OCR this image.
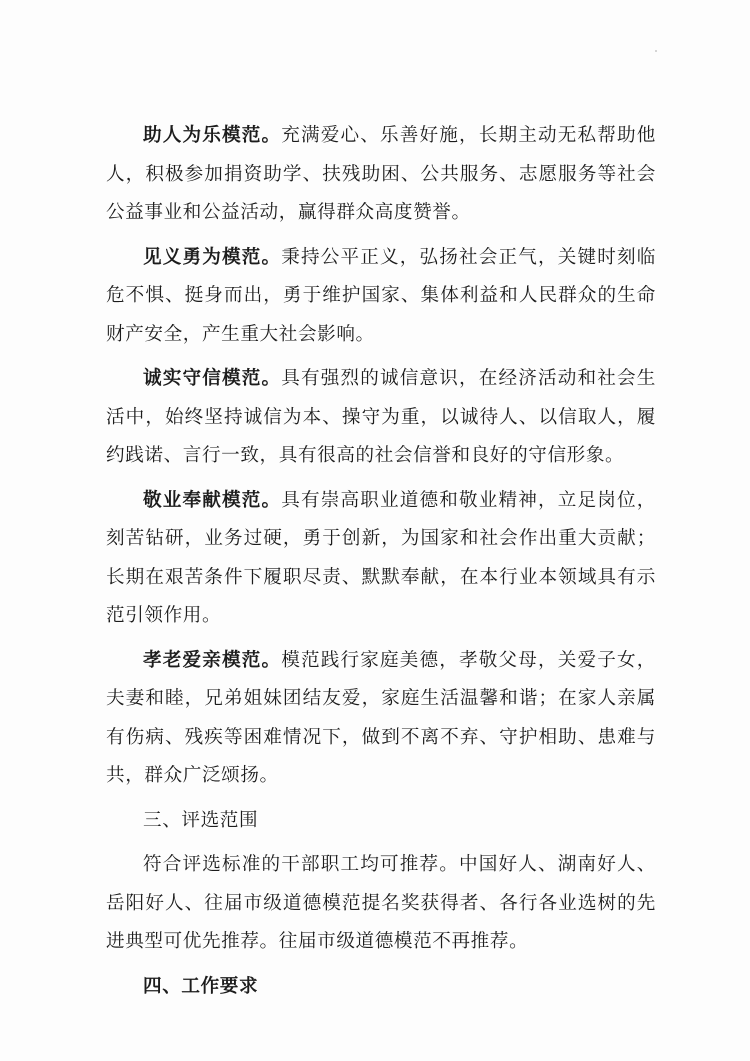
助人为乐模范。充满爱心、乐善好施，长期主动无私帮助他人，积极参加捐资助学、扶残助困、公共服务、志愿服务等社会公益事业和公益活动，赢得群众高度赞誉。

见义勇为模范。秉持公平正义，弘扬社会正气，关键时刻临危不惧、挺身而出，勇于维护国家、集体利益和人民群众的生命财产安全，产生重大社会影响。

诚实守信模范。具有强烈的诚信意识，在经济活动和社会生活中，始终坚持诚信为本、操守为重，以诚待人、以信取人，履约践诺、言行一致，具有很高的社会信誉和良好的守信形象。

敬业奉献模范。具有崇高职业道德和敬业精神，立足岗位，刻苦钻研，业务过硬，勇于创新，为国家和社会作出重大贡献；长期在艰苦条件下履职尽责、默默奉献，在本行业本领域具有示范引领作用。

孝老爱亲模范。模范践行家庭美德，孝敬父母，关爱子女，夫妻和睦，兄弟姐妹团结友爱，家庭生活温馨和谐；在家人亲属有伤病、残疾等困难情况下，做到不离不弃、守护相助、患难与共，群众广泛颂扬。

三、评选范围

符合评选标准的干部职工均可推荐。中国好人、湖南好人、岳阳好人、往届市级道德模范提名奖获得者、各行各业选树的先进典型可优先推荐。往届市级道德模范不再推荐。

四、工作要求
